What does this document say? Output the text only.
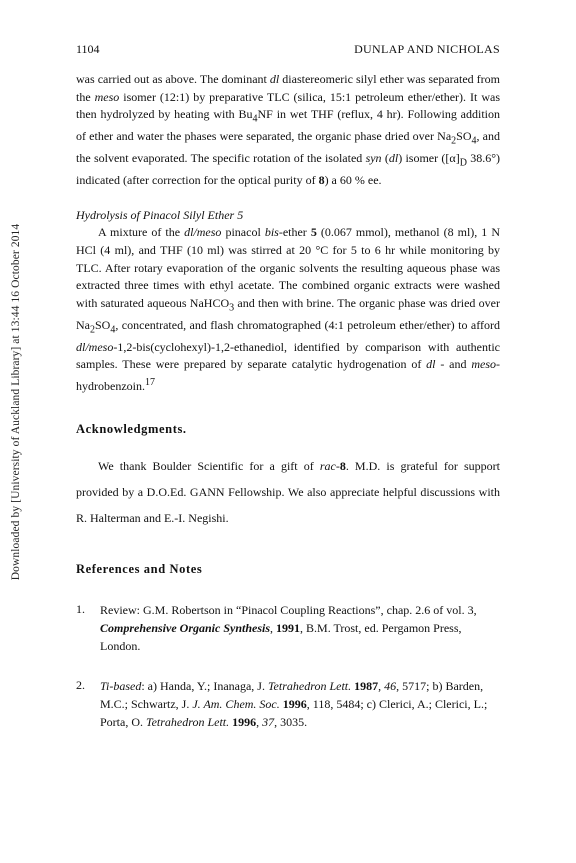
1104	DUNLAP AND NICHOLAS
Downloaded by [University of Auckland Library] at 13:44 16 October 2014

was carried out as above. The dominant dl diastereomeric silyl ether was separated from the meso isomer (12:1) by preparative TLC (silica, 15:1 petroleum ether/ether). It was then hydrolyzed by heating with $Bu_4NF$ in wet THF (reflux, 4 hr). Following addition of ether and water the phases were separated, the organic phase dried over $Na_2SO_4$, and the solvent evaporated. The specific rotation of the isolated syn (dl) isomer ($[\alpha]_D$ 38.6°) indicated (after correction for the optical purity of 8) a 60 % ee.

Hydrolysis of Pinacol Silyl Ether 5

A mixture of the dl/meso pinacol bis-ether 5 (0.067 mmol), methanol (8 ml), 1 N HCl (4 ml), and THF (10 ml) was stirred at 20 °C for 5 to 6 hr while monitoring by TLC. After rotary evaporation of the organic solvents the resulting aqueous phase was extracted three times with ethyl acetate. The combined organic extracts were washed with saturated aqueous NaHCO$_3$ and then with brine. The organic phase was dried over $Na_2SO_4$, concentrated, and flash chromatographed (4:1 petroleum ether/ether) to afford dl/meso-1,2-bis(cyclohexyl)-1,2-ethanediol, identified by comparison with authentic samples. These were prepared by separate catalytic hydrogenation of dl - and meso-hydrobenzoin.$^{17}$

Acknowledgments.

We thank Boulder Scientific for a gift of rac-8. M.D. is grateful for support provided by a D.O.Ed. GANN Fellowship. We also appreciate helpful discussions with R. Halterman and E.-I. Negishi.

References and Notes

1.	Review: G.M. Robertson in “Pinacol Coupling Reactions”, chap. 2.6 of vol. 3, Comprehensive Organic Synthesis, 1991, B.M. Trost, ed. Pergamon Press, London.
2.	Ti-based: a) Handa, Y.; Inanaga, J. Tetrahedron Lett. 1987, 46, 5717; b) Barden, M.C.; Schwartz, J. J. Am. Chem. Soc. 1996, 118, 5484; c) Clerici, A.; Clerici, L.; Porta, O. Tetrahedron Lett. 1996, 37, 3035.
